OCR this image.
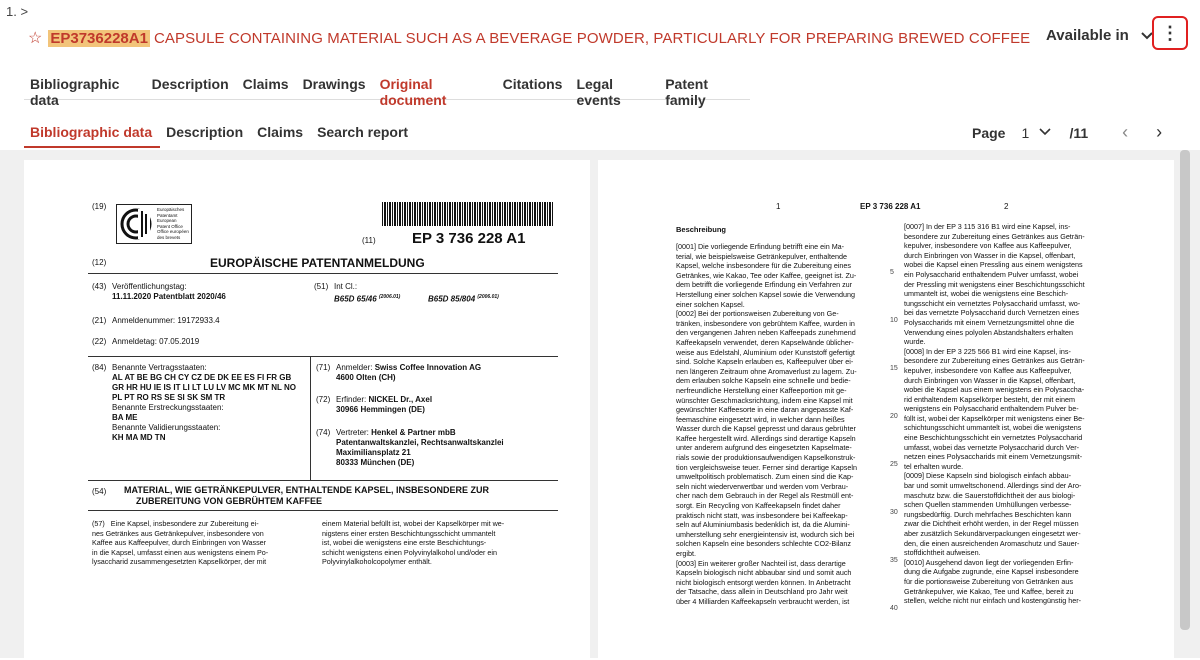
1. >
☆ EP3736228A1 CAPSULE CONTAINING MATERIAL SUCH AS A BEVERAGE POWDER, PARTICULARLY FOR PREPARING BREWED COFFEE Available in ⋮
Bibliographic data
Description	Claims	Drawings	Original document
Citations	Legal events
Patent family
Bibliographic data	Description	Claims	Search report	Page 1	/11 ‹	›
(19)	Europäisches
Patentamt
European
Patent Office
Office européen
des brevets	(11) EP 3 736 228 A1
(12)	EUROPÄISCHE PATENTANMELDUNG
(43) Veröffentlichungstag:
11.11.2020 Patentblatt 2020/46
(51) Int Cl.:
B65D 65/46 $^{(2006.01)}$	B65D 85/804 $^{(2006.01)}$
(21) Anmeldenummer: 19172933.4
(22) Anmeldetag: 07.05.2019
(84) Benannte Vertragsstaaten:
AL AT BE BG CH CY CZ DE DK EE ES FI FR GB
GR HR HU IE IS IT LI LT LU LV MC MK MT NL NO
PL PT RO RS SE SI SK SM TR
Benannte Erstreckungsstaaten:
BA ME
Benannte Validierungsstaaten:
KH MA MD TN
(71) Anmelder: Swiss Coffee Innovation AG
4600 Olten (CH)
(72) Erfinder: NICKEL Dr., Axel
30966 Hemmingen (DE)
(74) Vertreter: Henkel & Partner mbB
Patentanwaltskanzlei, Rechtsanwaltskanzlei
Maximiliansplatz 21
80333 München (DE)
(54) MATERIAL, WIE GETRÄNKEPULVER, ENTHALTENDE KAPSEL, INSBESONDERE ZUR
ZUBEREITUNG VON GEBRÜHTEM KAFFEE
(57) Eine Kapsel, insbesondere zur Zubereitung ei-
nes Getränkes aus Getränkepulver, insbesondere von
Kaffee aus Kaffeepulver, durch Einbringen von Wasser
in die Kapsel, umfasst einen aus wenigstens einem Po-
lysaccharid zusammengesetzten Kapselkörper, der mit
einem Material befüllt ist, wobei der Kapselkörper mit we-
nigstens einer ersten Beschichtungsschicht ummantelt
ist, wobei die wenigstens eine erste Beschichtungs-
schicht wenigstens einen Polyvinylalkohol und/oder ein
Polyvinylalkoholcopolymer enthält.
1	EP 3 736 228 A1	2
Beschreibung
[0001] Die vorliegende Erfindung betrifft eine ein Ma-
terial, wie beispielsweise Getränkepulver, enthaltende
Kapsel, welche insbesondere für die Zubereitung eines
Getränkes, wie Kakao, Tee oder Kaffee, geeignet ist. Zu-
dem betrifft die vorliegende Erfindung ein Verfahren zur
Herstellung einer solchen Kapsel sowie die Verwendung
einer solchen Kapsel.
[0002] Bei der portionsweisen Zubereitung von Ge-
tränken, insbesondere von gebrühtem Kaffee, wurden in
den vergangenen Jahren neben Kaffeepads zunehmend
Kaffeekapseln verwendet, deren Kapselwände üblicher-
weise aus Edelstahl, Aluminium oder Kunststoff gefertigt
sind. Solche Kapseln erlauben es, Kaffeepulver über ei-
nen längeren Zeitraum ohne Aromaverlust zu lagern. Zu-
dem erlauben solche Kapseln eine schnelle und bedie-
nerfreundliche Herstellung einer Kaffeeportion mit ge-
wünschter Geschmacksrichtung, indem eine Kapsel mit
gewünschter Kaffeesorte in eine daran angepasste Kaf-
feemaschine eingesetzt wird, in welcher dann heißes
Wasser durch die Kapsel gepresst und daraus gebrühter
Kaffee hergestellt wird. Allerdings sind derartige Kapseln
unter anderem aufgrund des eingesetzten Kapselmate-
rials sowie der produktionsaufwendigen Kapselkonstruk-
tion vergleichsweise teuer. Ferner sind derartige Kapseln
umweltpolitisch problematisch. Zum einen sind die Kap-
seln nicht wiederverwertbar und werden vom Verbrau-
cher nach dem Gebrauch in der Regel als Restmüll ent-
sorgt. Ein Recycling von Kaffeekapseln findet daher
praktisch nicht statt, was insbesondere bei Kaffeekap-
seln auf Aluminiumbasis bedenklich ist, da die Alumini-
umherstellung sehr energieintensiv ist, wodurch sich bei
solchen Kapseln eine besonders schlechte CO2-Bilanz
ergibt.
[0003] Ein weiterer großer Nachteil ist, dass derartige
Kapseln biologisch nicht abbaubar sind und somit auch
nicht biologisch entsorgt werden können. In Anbetracht
der Tatsache, dass allein in Deutschland pro Jahr weit
über 4 Milliarden Kaffeekapseln verbraucht werden, ist
[0007] In der EP 3 115 316 B1 wird eine Kapsel, ins-
besondere zur Zubereitung eines Getränkes aus Geträn-
kepulver, insbesondere von Kaffee aus Kaffeepulver,
durch Einbringen von Wasser in die Kapsel, offenbart,
wobei die Kapsel einen Pressling aus einem wenigstens
ein Polysaccharid enthaltendem Pulver umfasst, wobei
der Pressling mit wenigstens einer Beschichtungsschicht
ummantelt ist, wobei die wenigstens eine Beschich-
tungsschicht ein vernetztes Polysaccharid umfasst, wo-
bei das vernetzte Polysaccharid durch Vernetzen eines
Polysaccharids mit einem Vernetzungsmittel ohne die
Verwendung eines polyolen Abstandshalters erhalten
wurde.
[0008] In der EP 3 225 566 B1 wird eine Kapsel, ins-
besondere zur Zubereitung eines Getränkes aus Geträn-
kepulver, insbesondere von Kaffee aus Kaffeepulver,
durch Einbringen von Wasser in die Kapsel, offenbart,
wobei die Kapsel aus einem wenigstens ein Polysaccha-
rid enthaltendem Kapselkörper besteht, der mit einem
wenigstens ein Polysaccharid enthaltendem Pulver be-
füllt ist, wobei der Kapselkörper mit wenigstens einer Be-
schichtungsschicht ummantelt ist, wobei die wenigstens
eine Beschichtungsschicht ein vernetztes Polysaccharid
umfasst, wobei das vernetzte Polysaccharid durch Ver-
netzen eines Polysaccharids mit einem Vernetzungsmit-
tel erhalten wurde.
[0009] Diese Kapseln sind biologisch einfach abbau-
bar und somit umweltschonend. Allerdings sind der Aro-
maschutz bzw. die Sauerstoffdichtheit der aus biologi-
schen Quellen stammenden Umhüllungen verbesse-
rungsbedürftig. Durch mehrfaches Beschichten kann
zwar die Dichtheit erhöht werden, in der Regel müssen
aber zusätzlich Sekundärverpackungen eingesetzt wer-
den, die einen ausreichenden Aromaschutz und Sauer-
stoffdichtheit aufweisen.
[0010] Ausgehend davon liegt der vorliegenden Erfin-
dung die Aufgabe zugrunde, eine Kapsel insbesondere
für die portionsweise Zubereitung von Getränken aus
Getränkepulver, wie Kakao, Tee und Kaffee, bereit zu
stellen, welche nicht nur einfach und kostengünstig her-
5
10
15
20
25
30
35
40
